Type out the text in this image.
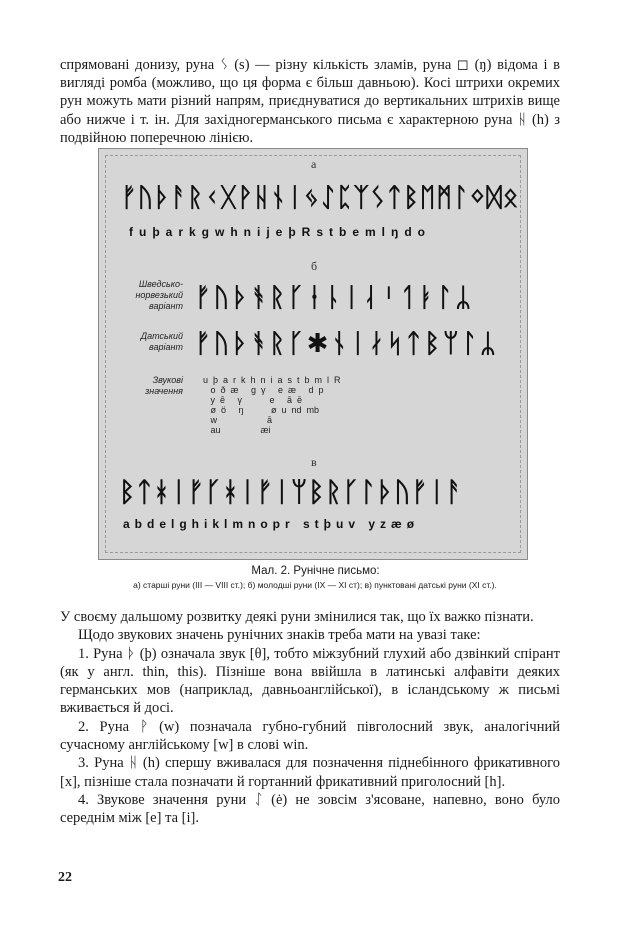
спрямовані донизу, руна ᛊ (s) — різну кількість зламів, руна ◻ (ŋ) відома і в вигляді ромба (можливо, що ця форма є більш давньою). Косі штрихи окремих рун можуть мати різний напрям, приєднуватися до вертикальних штрихів вище або нижче і т. ін. Для західногерманського письма є характерною руна ᚺ (h) з подвійною поперечною лінією.

а
ᚠᚢᚦᚨᚱᚲᚷᚹᚺᚾᛁᛃᛇᛈᛉᛊᛏᛒᛖᛗᛚᛜᛞᛟ
fuþarkgwhnijeþRstbemlŋdo
б
Шведсько-норвезький варіант ᚠᚢᚦᚬᚱᚴᚽᚿᛁᛆᛌᛐᛓᛚᛦ
Датський варіант ᚠᚢᚦᚬᚱᚴ✱ᚾᛁᛅᛋᛏᛒᛘᛚᛦ
Звукові значення
u  þ  a  r  k  h  n  i  a  s  t  b  m  l  R
o  ð  æ     g  γ     e  æ     d  p
y  ē     γ           e     ā  ē
ø  ö     ŋ           ø  u  nd  mb
w                    ā
au                æi
в
ᛒᛏᚼᛁᚠᚴᚼᛁᚠᛁᛘᛒᚱᚴᛚᚦᚢᚠᛁᚨ
abdelghiklmnopr stþuv yzæø
Мал. 2. Рунічне письмо:
а) старші руни (III — VIII ст.); б) молодші руни (IX — XI ст); в) пунктовані датські руни (XI ст.).

У своєму дальшому розвитку деякі руни змінилися так, що їх важко пізнати.

Щодо звукових значень рунічних знаків треба мати на увазі таке:

1. Руна ᚦ (þ) означала звук [θ], тобто міжзубний глухий або дзвінкий спірант (як у англ. thin, this). Пізніше вона ввійшла в латинські алфавіти деяких германських мов (наприклад, давньоанглійської), в ісландському ж письмі вживається й досі.

2. Руна ᚹ (w) позначала губно-губний півголосний звук, аналогічний сучасному англійському [w] в слові win.

3. Руна ᚺ (h) спершу вживалася для позначення піднебінного фрикативного [x], пізніше стала позначати й гортанний фрикативний приголосний [h].

4. Звукове значення руни ᛇ (ė) не зовсім з'ясоване, напевно, воно було середнім між [e] та [i].

22
